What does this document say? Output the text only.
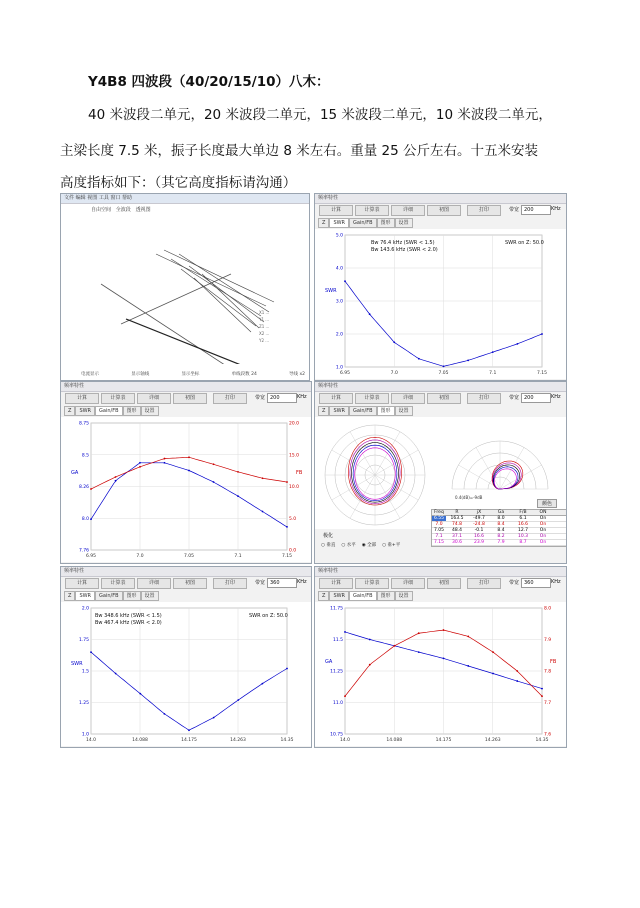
Y4B8 四波段（40/20/15/10）八木：
40 米波段二单元，20 米波段二单元，15 米波段二单元，10 米波段二单元，
主梁长度 7.5 米，振子长度最大单边 8 米左右。重量 25 公斤左右。十五米安装
高度指标如下：（其它高度指标请沟通）
文件 编辑 视图 工具 窗口 帮助
自由空间 全波段 透视图
X1 ...
Y1 ...
Z1 ...
X2 ...
Y2 ...
电流显示	显示轴线	显示坐标	单线段数 24	导线 x2
频率特性
计算	计算表	详细	初图	打印	带宽 200	KHz
Z SWR Gain/FB 图形 设置
6.95	7.0	7.05	7.1	7.15
1.0
2.0
3.0
4.0
5.0
Bw 76.4 kHz (SWR < 1.5)
Bw 143.6 kHz (SWR < 2.0)
SWR on Z: 50.0
SWR
频率特性
计算	计算表	详细	初图	打印	带宽 200	KHz
Z SWR Gain/FB 图形 设置
6.95	7.0	7.05	7.1	7.15
7.76
8.0
8.26
8.5
8.75
0.0
5.0
10.0
15.0
20.0
GA	FB
频率特性
计算	计算表	详细	初图	打印	带宽 200	KHz
Z SWR Gain/FB 图形 设置
0.4(dB)=-9dB
颜色
Freq	R	jX	Ga	F/B	ON
6.55	163.5	-49.7	8.0	6.1	On
7.0	74.8	-24.8	8.4	16.6	On
7.05	48.4	-0.1	8.4	12.7	On
7.1	37.1	16.6	8.2	10.3	On
7.15	30.6	23.9	7.9	8.7	On
极化
○ 垂直 ○ 水平 ◉ 全部 ○ 垂+平
频率特性
计算	计算表	详细	初图	打印	带宽 360	KHz
Z SWR Gain/FB 图形 设置
14.0	14.088	14.175	14.263	14.35
1.0
1.25
1.5
1.75
2.0
Bw 348.6 kHz (SWR < 1.5)
Bw 467.4 kHz (SWR < 2.0)
SWR on Z: 50.0
SWR
频率特性
计算	计算表	详细	初图	打印	带宽 360	KHz
Z SWR Gain/FB 图形 设置
14.0	14.088	14.175	14.263	14.35
10.75
11.0
11.25
11.5
11.75
7.6
7.7
7.8
7.9
8.0
GA	FB
